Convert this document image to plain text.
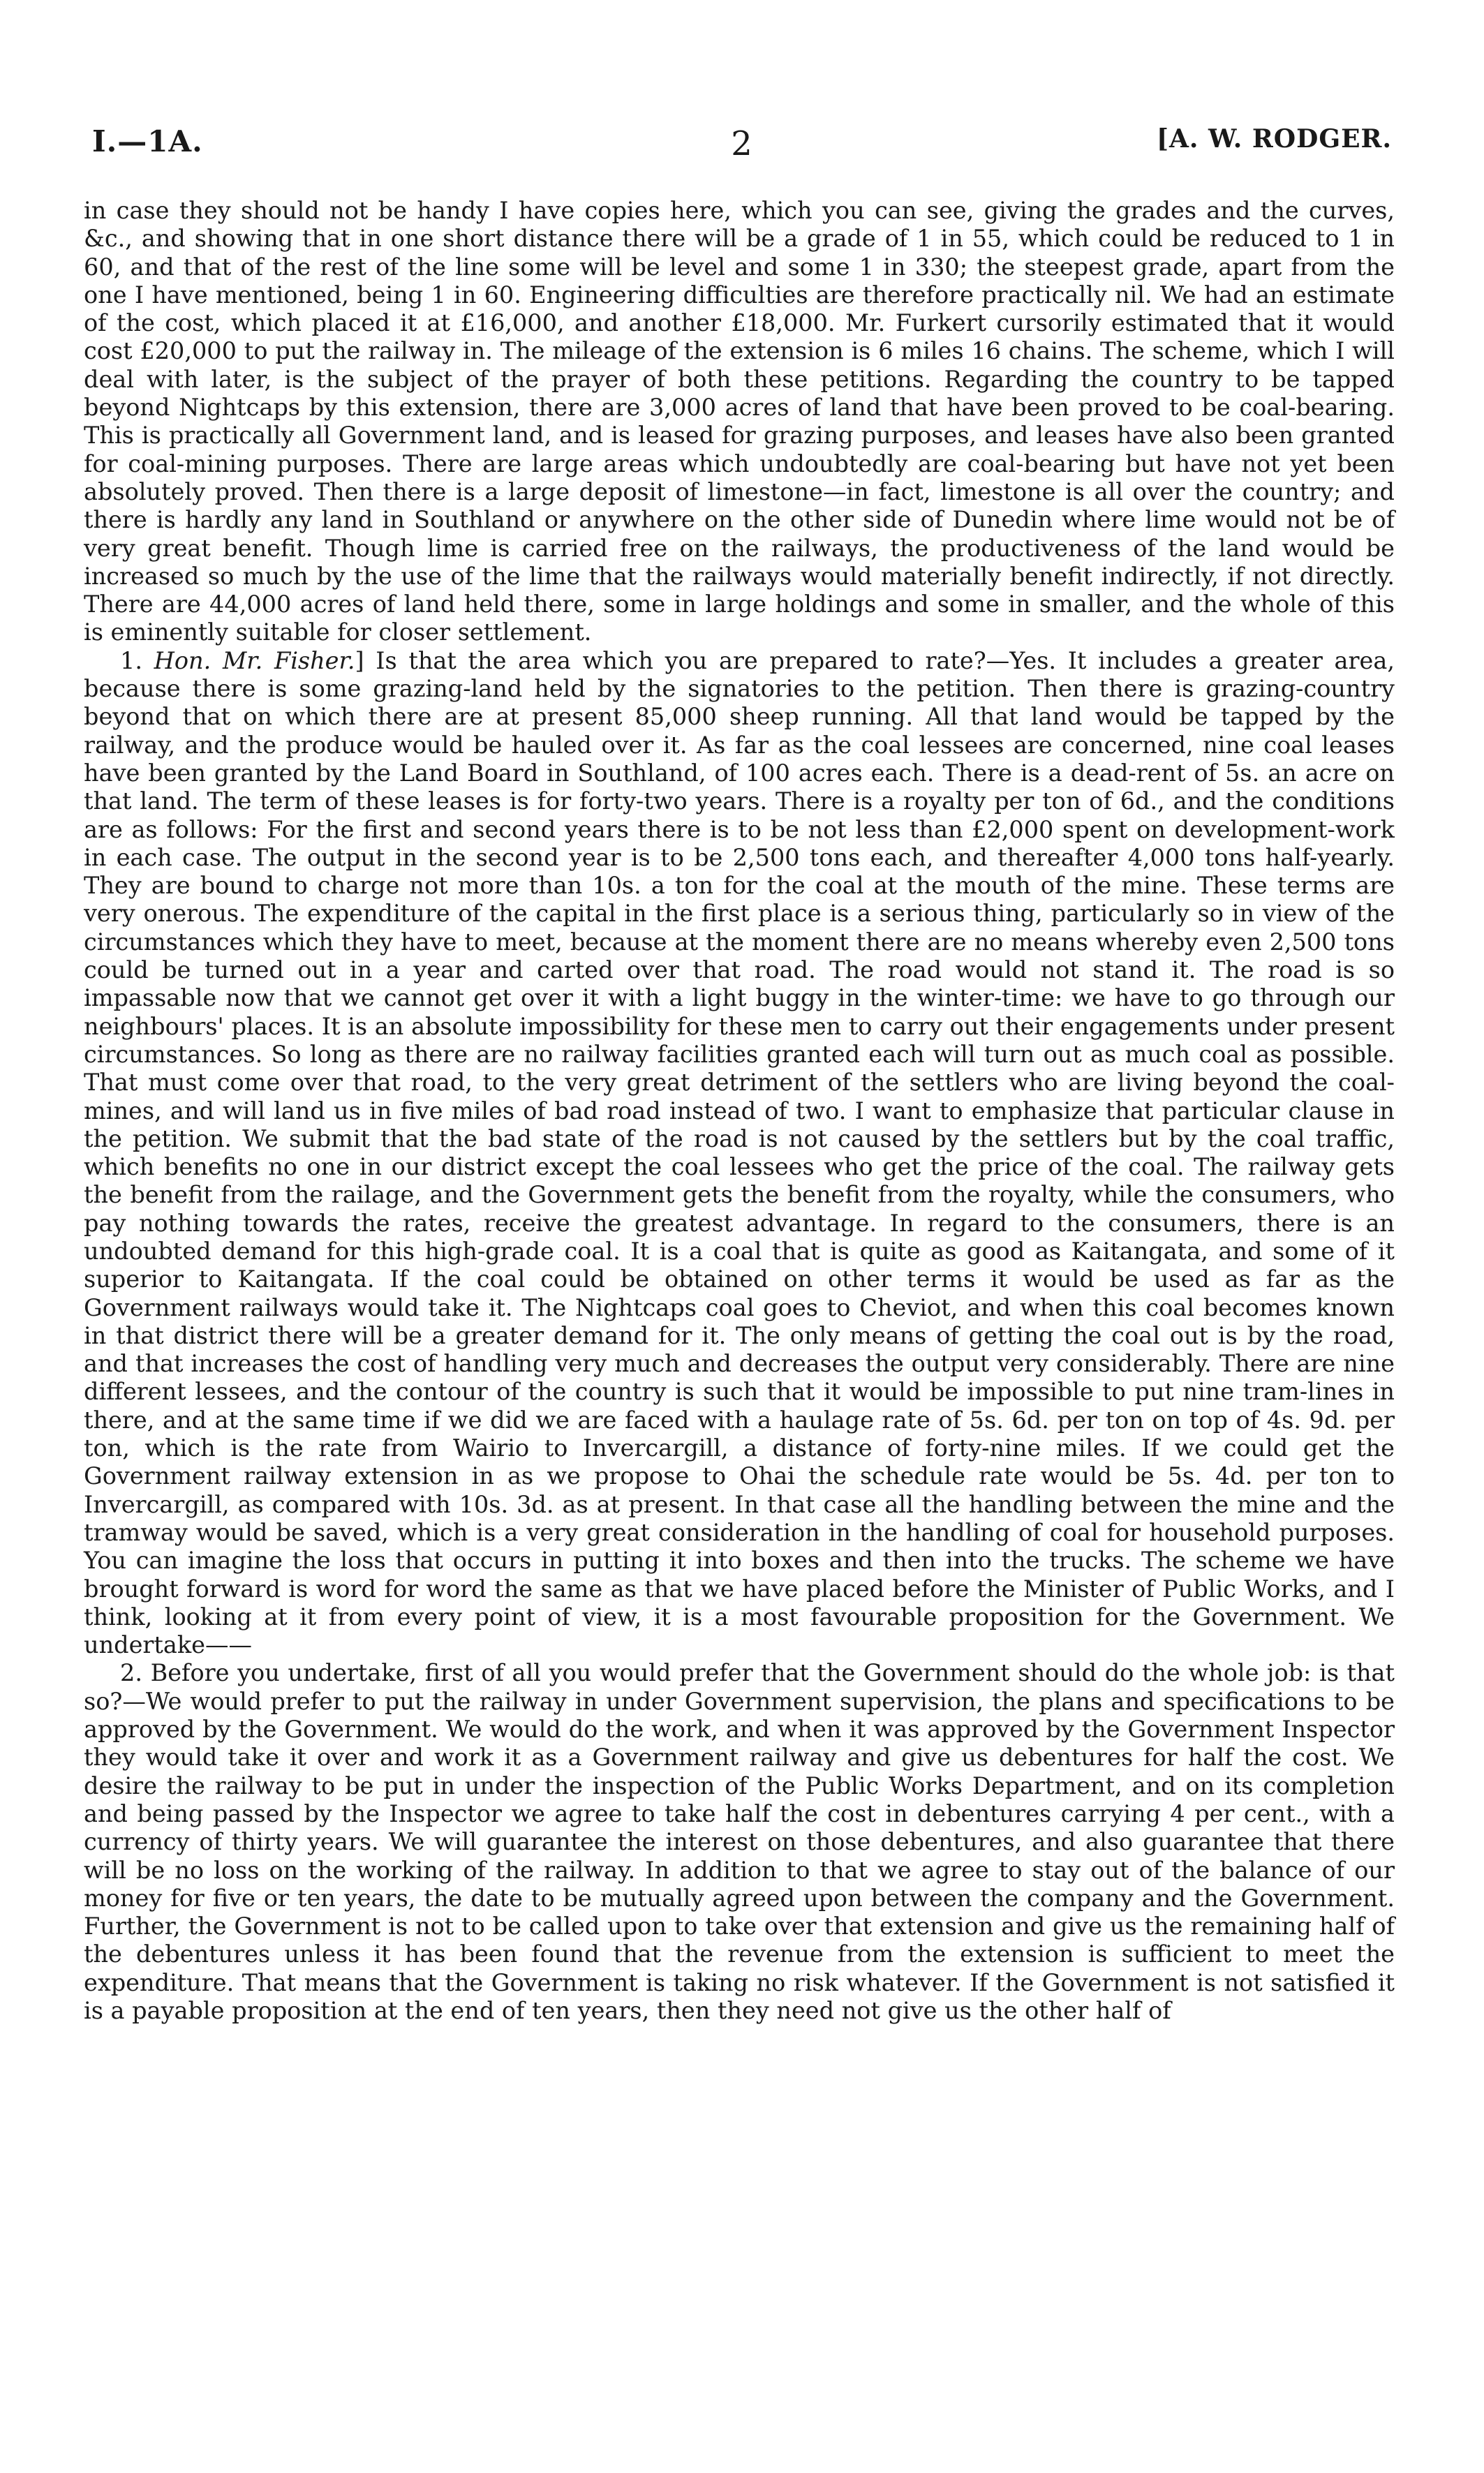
I.—1A.	2	[A. W. RODGER.

in case they should not be handy I have copies here, which you can see, giving the grades and the curves, &c., and showing that in one short distance there will be a grade of 1 in 55, which could be reduced to 1 in 60, and that of the rest of the line some will be level and some 1 in 330; the steepest grade, apart from the one I have mentioned, being 1 in 60. Engineering difficulties are therefore practically nil. We had an estimate of the cost, which placed it at £16,000, and another £18,000. Mr. Furkert cursorily estimated that it would cost £20,000 to put the railway in. The mileage of the extension is 6 miles 16 chains. The scheme, which I will deal with later, is the subject of the prayer of both these petitions. Regarding the country to be tapped beyond Nightcaps by this extension, there are 3,000 acres of land that have been proved to be coal-bearing. This is practically all Government land, and is leased for grazing purposes, and leases have also been granted for coal-mining purposes. There are large areas which undoubtedly are coal-bearing but have not yet been absolutely proved. Then there is a large deposit of limestone—in fact, limestone is all over the country; and there is hardly any land in Southland or anywhere on the other side of Dunedin where lime would not be of very great benefit. Though lime is carried free on the railways, the productiveness of the land would be increased so much by the use of the lime that the railways would materially benefit indirectly, if not directly. There are 44,000 acres of land held there, some in large holdings and some in smaller, and the whole of this is eminently suitable for closer settlement.

1. Hon. Mr. Fisher.] Is that the area which you are prepared to rate?—Yes. It includes a greater area, because there is some grazing-land held by the signatories to the petition. Then there is grazing-country beyond that on which there are at present 85,000 sheep running. All that land would be tapped by the railway, and the produce would be hauled over it. As far as the coal lessees are concerned, nine coal leases have been granted by the Land Board in Southland, of 100 acres each. There is a dead-rent of 5s. an acre on that land. The term of these leases is for forty-two years. There is a royalty per ton of 6d., and the conditions are as follows: For the first and second years there is to be not less than £2,000 spent on development-work in each case. The output in the second year is to be 2,500 tons each, and thereafter 4,000 tons half-yearly. They are bound to charge not more than 10s. a ton for the coal at the mouth of the mine. These terms are very onerous. The expenditure of the capital in the first place is a serious thing, particularly so in view of the circumstances which they have to meet, because at the moment there are no means whereby even 2,500 tons could be turned out in a year and carted over that road. The road would not stand it. The road is so impassable now that we cannot get over it with a light buggy in the winter-time: we have to go through our neighbours' places. It is an absolute impossibility for these men to carry out their engagements under present circumstances. So long as there are no railway facilities granted each will turn out as much coal as possible. That must come over that road, to the very great detriment of the settlers who are living beyond the coal-mines, and will land us in five miles of bad road instead of two. I want to emphasize that particular clause in the petition. We submit that the bad state of the road is not caused by the settlers but by the coal traffic, which benefits no one in our district except the coal lessees who get the price of the coal. The railway gets the benefit from the railage, and the Government gets the benefit from the royalty, while the consumers, who pay nothing towards the rates, receive the greatest advantage. In regard to the consumers, there is an undoubted demand for this high-grade coal. It is a coal that is quite as good as Kaitangata, and some of it superior to Kaitangata. If the coal could be obtained on other terms it would be used as far as the Government railways would take it. The Nightcaps coal goes to Cheviot, and when this coal becomes known in that district there will be a greater demand for it. The only means of getting the coal out is by the road, and that increases the cost of handling very much and decreases the output very considerably. There are nine different lessees, and the contour of the country is such that it would be impossible to put nine tram-lines in there, and at the same time if we did we are faced with a haulage rate of 5s. 6d. per ton on top of 4s. 9d. per ton, which is the rate from Wairio to Invercargill, a distance of forty-nine miles. If we could get the Government railway extension in as we propose to Ohai the schedule rate would be 5s. 4d. per ton to Invercargill, as compared with 10s. 3d. as at present. In that case all the handling between the mine and the tramway would be saved, which is a very great consideration in the handling of coal for household purposes. You can imagine the loss that occurs in putting it into boxes and then into the trucks. The scheme we have brought forward is word for word the same as that we have placed before the Minister of Public Works, and I think, looking at it from every point of view, it is a most favourable proposition for the Government. We undertake——

2. Before you undertake, first of all you would prefer that the Government should do the whole job: is that so?—We would prefer to put the railway in under Government supervision, the plans and specifications to be approved by the Government. We would do the work, and when it was approved by the Government Inspector they would take it over and work it as a Government railway and give us debentures for half the cost. We desire the railway to be put in under the inspection of the Public Works Department, and on its completion and being passed by the Inspector we agree to take half the cost in debentures carrying 4 per cent., with a currency of thirty years. We will guarantee the interest on those debentures, and also guarantee that there will be no loss on the working of the railway. In addition to that we agree to stay out of the balance of our money for five or ten years, the date to be mutually agreed upon between the company and the Government. Further, the Government is not to be called upon to take over that extension and give us the remaining half of the debentures unless it has been found that the revenue from the extension is sufficient to meet the expenditure. That means that the Government is taking no risk whatever. If the Government is not satisfied it is a payable proposition at the end of ten years, then they need not give us the other half of
